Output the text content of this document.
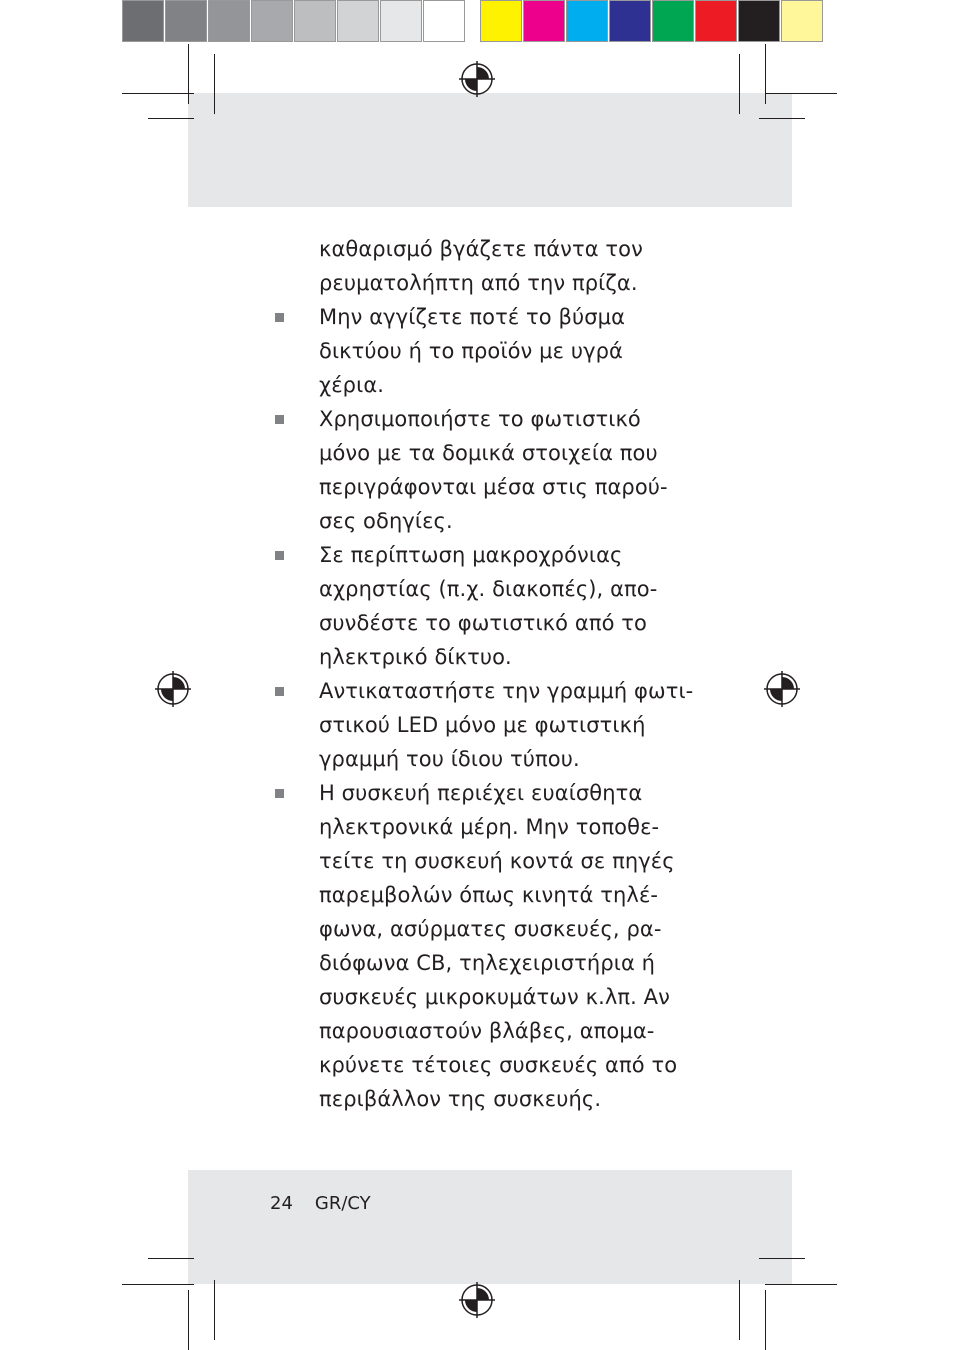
καθαρισμό βγάζετε πάντα τον
ρευματολήπτη από την πρίζα.

Μην αγγίζετε ποτέ το βύσμα
δικτύου ή το προϊόν με υγρά
χέρια.

Χρησιμοποιήστε το φωτιστικό
μόνο με τα δομικά στοιχεία που
περιγράφονται μέσα στις παρού-
σες οδηγίες.

Σε περίπτωση μακροχρόνιας
αχρηστίας (π.χ. διακοπές), απο-
συνδέστε το φωτιστικό από το
ηλεκτρικό δίκτυο.

Αντικαταστήστε την γραμμή φωτι-
στικού LED μόνο με φωτιστική
γραμμή του ίδιου τύπου.

Η συσκευή περιέχει ευαίσθητα
ηλεκτρονικά μέρη. Μην τοποθε-
τείτε τη συσκευή κοντά σε πηγές
παρεμβολών όπως κινητά τηλέ-
φωνα, ασύρματες συσκευές, ρα-
διόφωνα CB, τηλεχειριστήρια ή
συσκευές μικροκυμάτων κ.λπ. Αν
παρουσιαστούν βλάβες, απομα-
κρύνετε τέτοιες συσκευές από το
περιβάλλον της συσκευής.

24 GR/CY
